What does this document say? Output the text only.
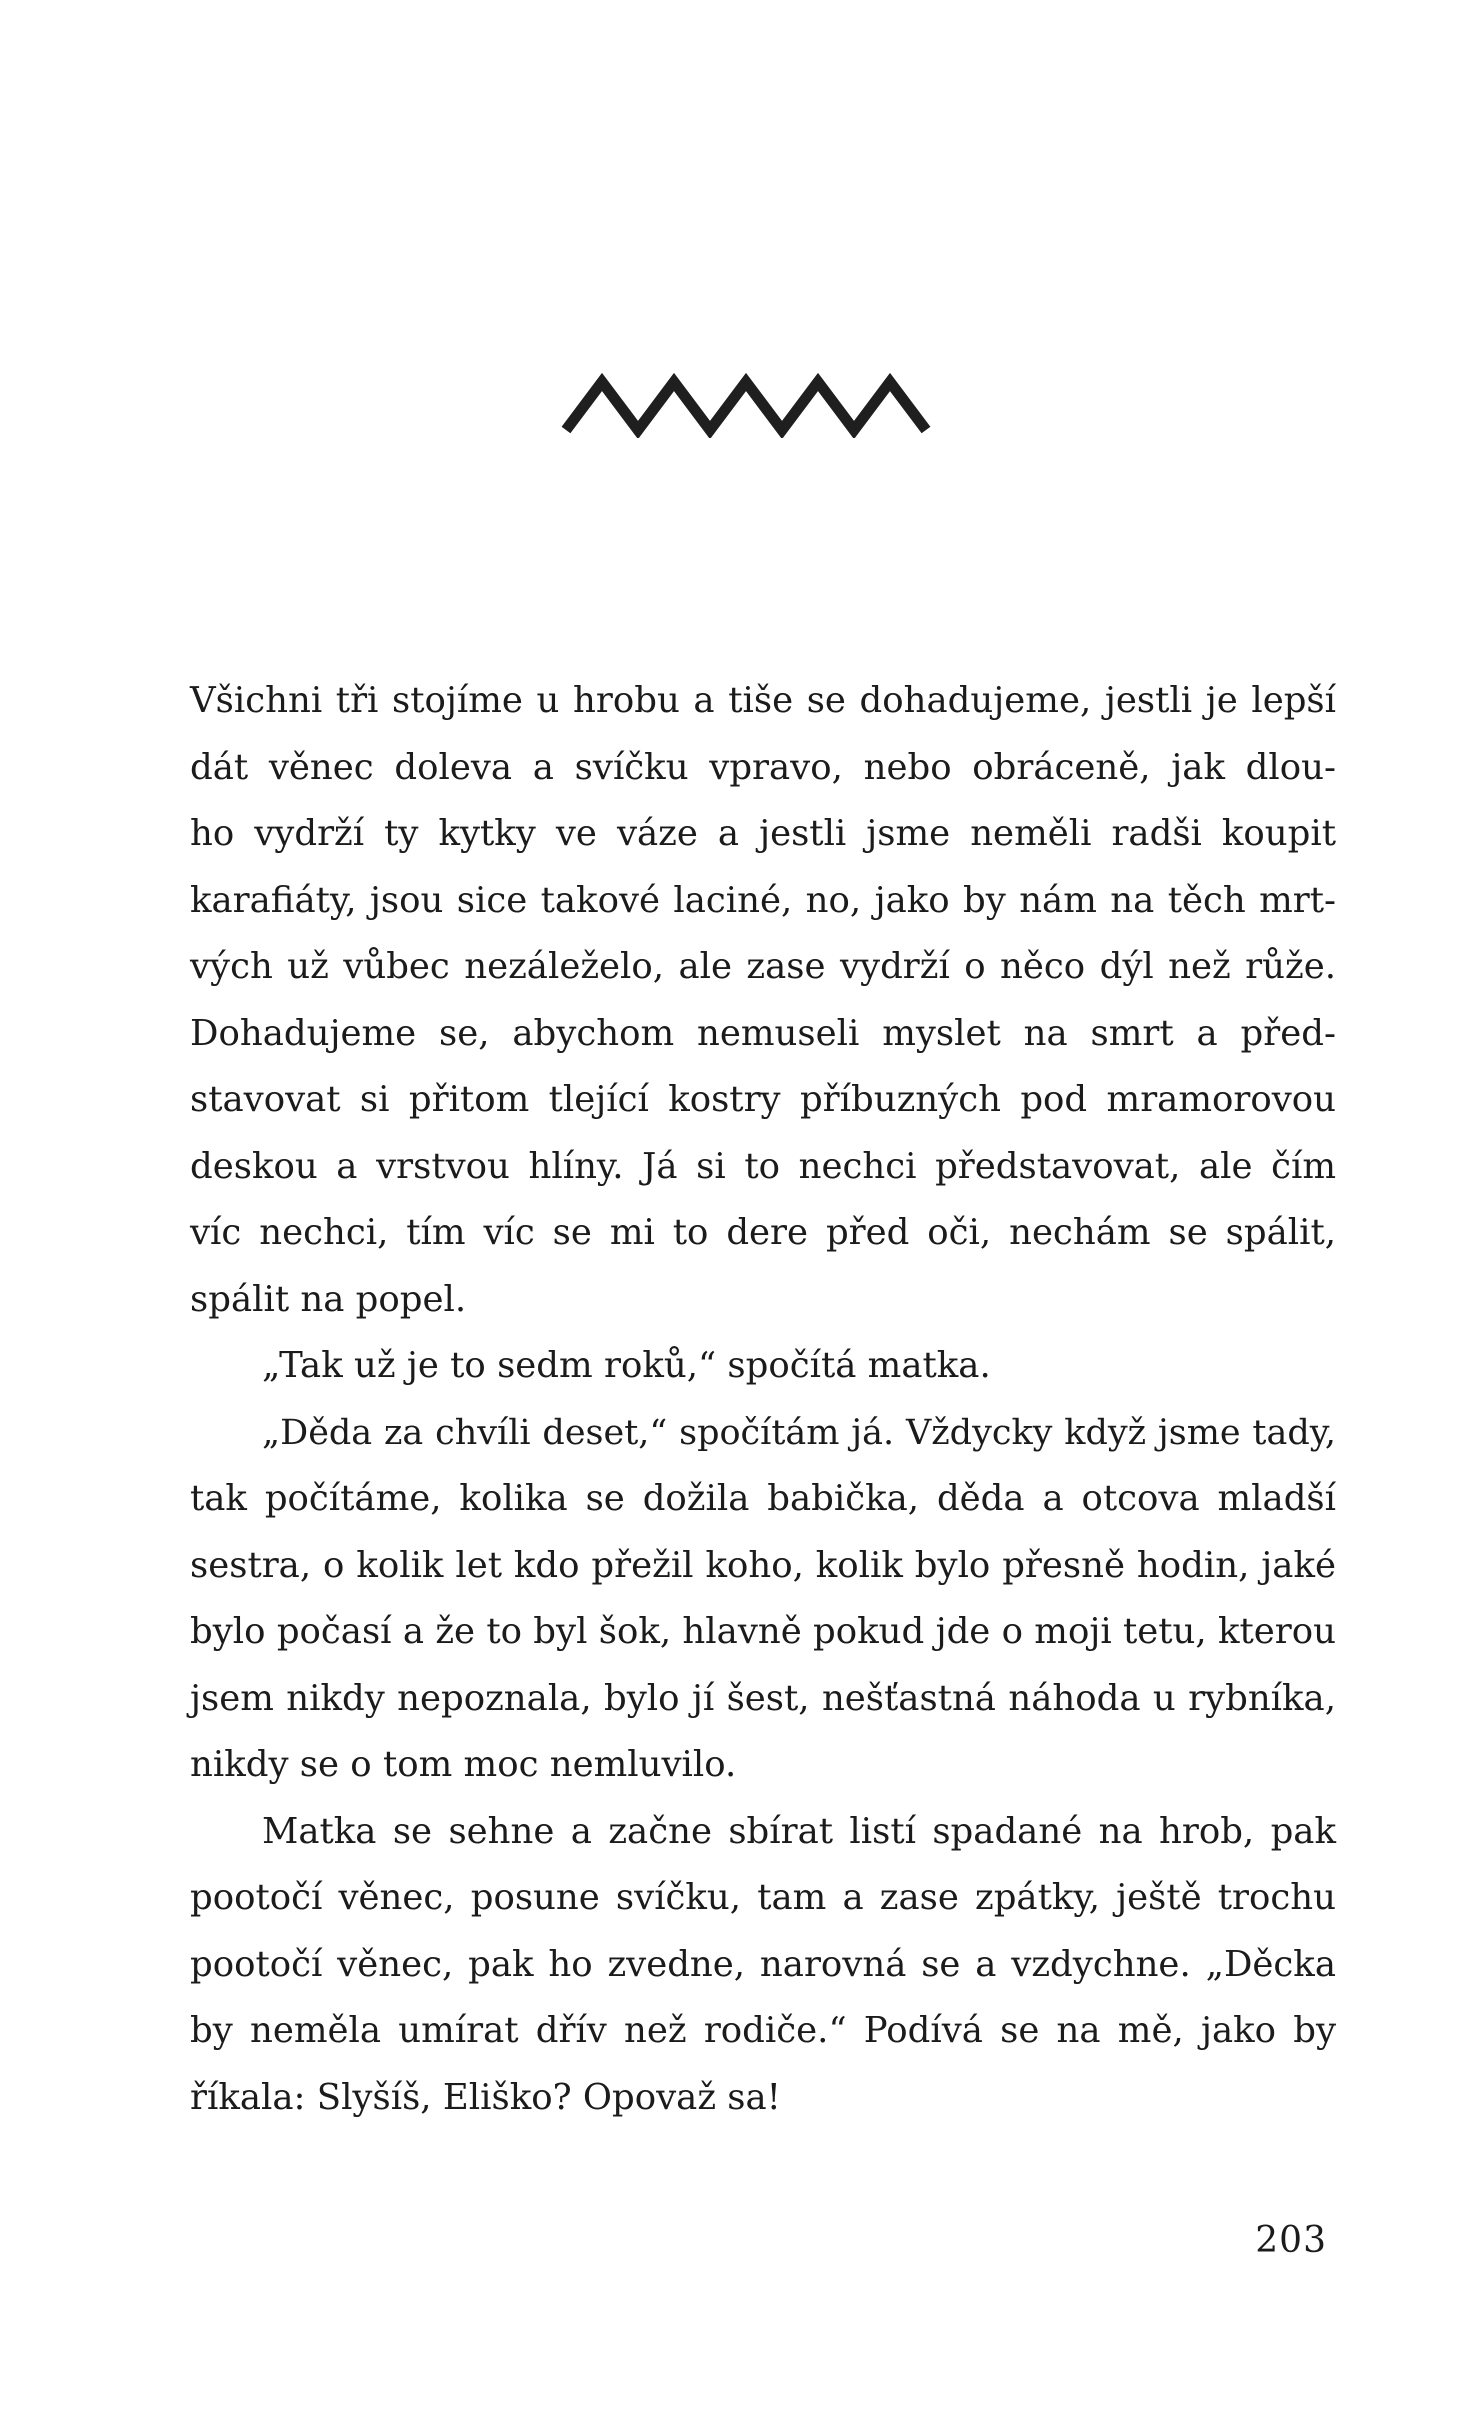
Všichni tři stojíme u hrobu a tiše se dohadujeme, jestli je lepší
dát věnec doleva a svíčku vpravo, nebo obráceně, jak dlou-
ho vydrží ty kytky ve váze a jestli jsme neměli radši koupit
karafiáty, jsou sice takové laciné, no, jako by nám na těch mrt-
vých už vůbec nezáleželo, ale zase vydrží o něco dýl než růže.
Dohadujeme se, abychom nemuseli myslet na smrt a před-
stavovat si přitom tlející kostry příbuzných pod mramorovou
deskou a vrstvou hlíny. Já si to nechci představovat, ale čím
víc nechci, tím víc se mi to dere před oči, nechám se spálit,
spálit na popel.
„Tak už je to sedm roků,“ spočítá matka.
„Děda za chvíli deset,“ spočítám já. Vždycky když jsme tady,
tak počítáme, kolika se dožila babička, děda a otcova mladší
sestra, o kolik let kdo přežil koho, kolik bylo přesně hodin, jaké
bylo počasí a že to byl šok, hlavně pokud jde o moji tetu, kterou
jsem nikdy nepoznala, bylo jí šest, nešťastná náhoda u rybníka,
nikdy se o tom moc nemluvilo.
Matka se sehne a začne sbírat listí spadané na hrob, pak
pootočí věnec, posune svíčku, tam a zase zpátky, ještě trochu
pootočí věnec, pak ho zvedne, narovná se a vzdychne. „Děcka
by neměla umírat dřív než rodiče.“ Podívá se na mě, jako by
říkala: Slyšíš, Eliško? Opovaž sa!
203
